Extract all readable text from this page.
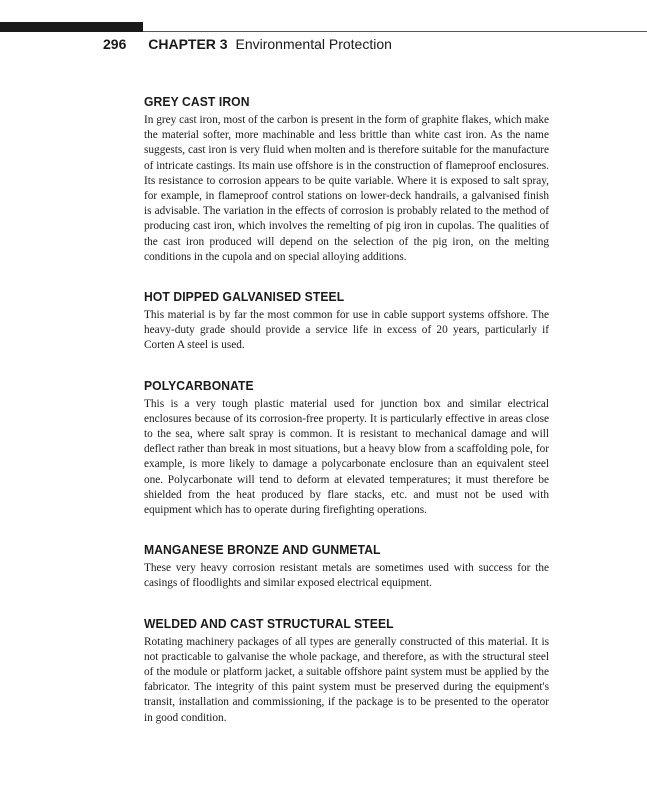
296 CHAPTER 3 Environmental Protection
GREY CAST IRON

In grey cast iron, most of the carbon is present in the form of graphite flakes, which make the material softer, more machinable and less brittle than white cast iron. As the name suggests, cast iron is very fluid when molten and is therefore suitable for the manufacture of intricate castings. Its main use offshore is in the construction of flameproof enclosures. Its resistance to corrosion appears to be quite variable. Where it is exposed to salt spray, for example, in flameproof control stations on lower-deck handrails, a galvanised finish is advisable. The variation in the effects of corrosion is probably related to the method of producing cast iron, which involves the remelting of pig iron in cupolas. The qualities of the cast iron produced will depend on the selection of the pig iron, on the melting conditions in the cupola and on special alloying additions.

HOT DIPPED GALVANISED STEEL

This material is by far the most common for use in cable support systems offshore. The heavy-duty grade should provide a service life in excess of 20 years, particularly if Corten A steel is used.

POLYCARBONATE

This is a very tough plastic material used for junction box and similar electrical enclosures because of its corrosion-free property. It is particularly effective in areas close to the sea, where salt spray is common. It is resistant to mechanical damage and will deflect rather than break in most situations, but a heavy blow from a scaffolding pole, for example, is more likely to damage a polycarbonate enclosure than an equivalent steel one. Polycarbonate will tend to deform at elevated temperatures; it must therefore be shielded from the heat produced by flare stacks, etc. and must not be used with equipment which has to operate during firefighting operations.

MANGANESE BRONZE AND GUNMETAL

These very heavy corrosion resistant metals are sometimes used with success for the casings of floodlights and similar exposed electrical equipment.

WELDED AND CAST STRUCTURAL STEEL

Rotating machinery packages of all types are generally constructed of this material. It is not practicable to galvanise the whole package, and therefore, as with the structural steel of the module or platform jacket, a suitable offshore paint system must be applied by the fabricator. The integrity of this paint system must be preserved during the equipment's transit, installation and commissioning, if the package is to be presented to the operator in good condition.
